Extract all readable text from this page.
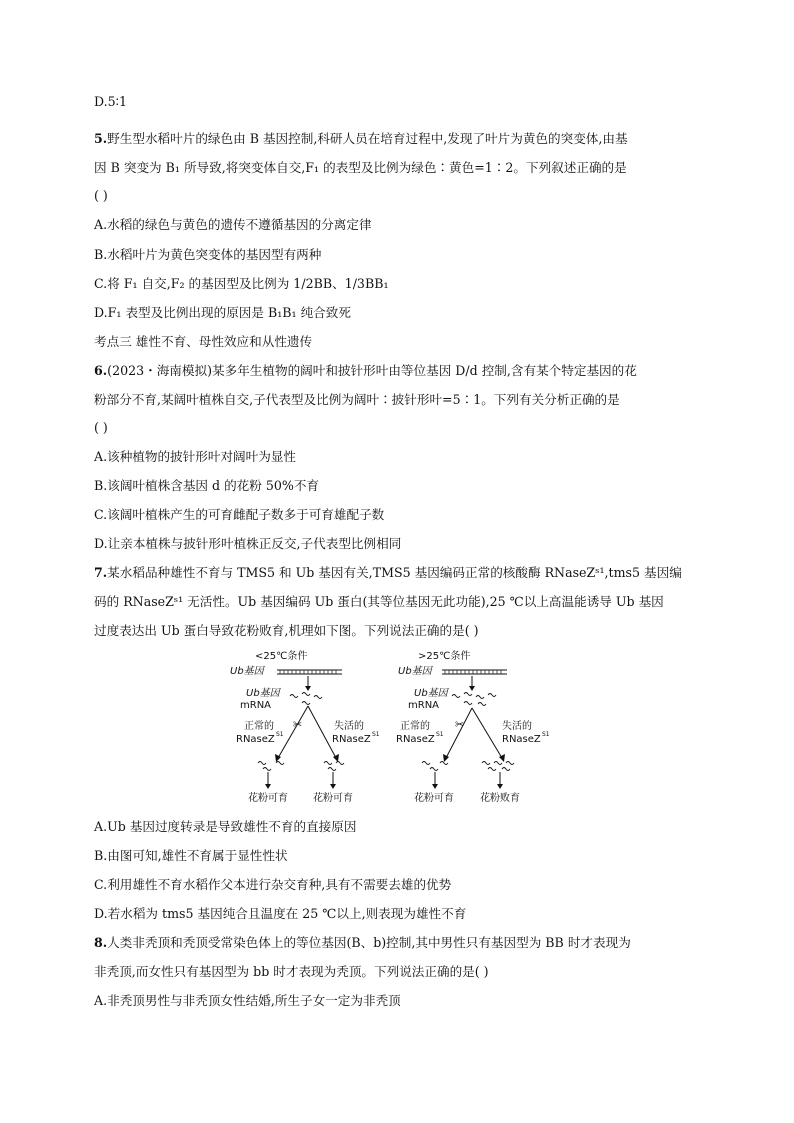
D.5∶1
5.野生型水稻叶片的绿色由 B 基因控制,科研人员在培育过程中,发现了叶片为黄色的突变体,由基
因 B 突变为 B₁ 所导致,将突变体自交,F₁ 的表型及比例为绿色∶黄色=1∶2。下列叙述正确的是
( )
A.水稻的绿色与黄色的遗传不遵循基因的分离定律
B.水稻叶片为黄色突变体的基因型有两种
C.将 F₁ 自交,F₂ 的基因型及比例为 1/2BB、1/3BB₁
D.F₁ 表型及比例出现的原因是 B₁B₁ 纯合致死
考点三 雄性不育、母性效应和从性遗传
6.(2023・海南模拟)某多年生植物的阔叶和披针形叶由等位基因 D/d 控制,含有某个特定基因的花
粉部分不育,某阔叶植株自交,子代表型及比例为阔叶∶披针形叶=5∶1。下列有关分析正确的是
( )
A.该种植物的披针形叶对阔叶为显性
B.该阔叶植株含基因 d 的花粉 50%不育
C.该阔叶植株产生的可育雌配子数多于可育雄配子数
D.让亲本植株与披针形叶植株正反交,子代表型比例相同
7.某水稻品种雄性不育与 TMS5 和 Ub 基因有关,TMS5 基因编码正常的核酸酶 RNaseZˢ¹,tms5 基因编
码的 RNaseZˢ¹ 无活性。Ub 基因编码 Ub 蛋白(其等位基因无此功能),25 ℃以上高温能诱导 Ub 基因
过度表达出 Ub 蛋白导致花粉败育,机理如下图。下列说法正确的是( )
<25℃条件
Ub基因
Ub基因
mRNA
✂
正常的
RNaseZ S1
失活的
RNaseZ S1
花粉可育	花粉可育
>25℃条件
Ub基因
Ub基因
mRNA
✂
正常的
RNaseZ S1
失活的
RNaseZ S1
花粉可育	花粉败育
A.Ub 基因过度转录是导致雄性不育的直接原因
B.由图可知,雄性不育属于显性性状
C.利用雄性不育水稻作父本进行杂交育种,具有不需要去雄的优势
D.若水稻为 tms5 基因纯合且温度在 25 ℃以上,则表现为雄性不育
8.人类非秃顶和秃顶受常染色体上的等位基因(B、b)控制,其中男性只有基因型为 BB 时才表现为
非秃顶,而女性只有基因型为 bb 时才表现为秃顶。下列说法正确的是( )
A.非秃顶男性与非秃顶女性结婚,所生子女一定为非秃顶
